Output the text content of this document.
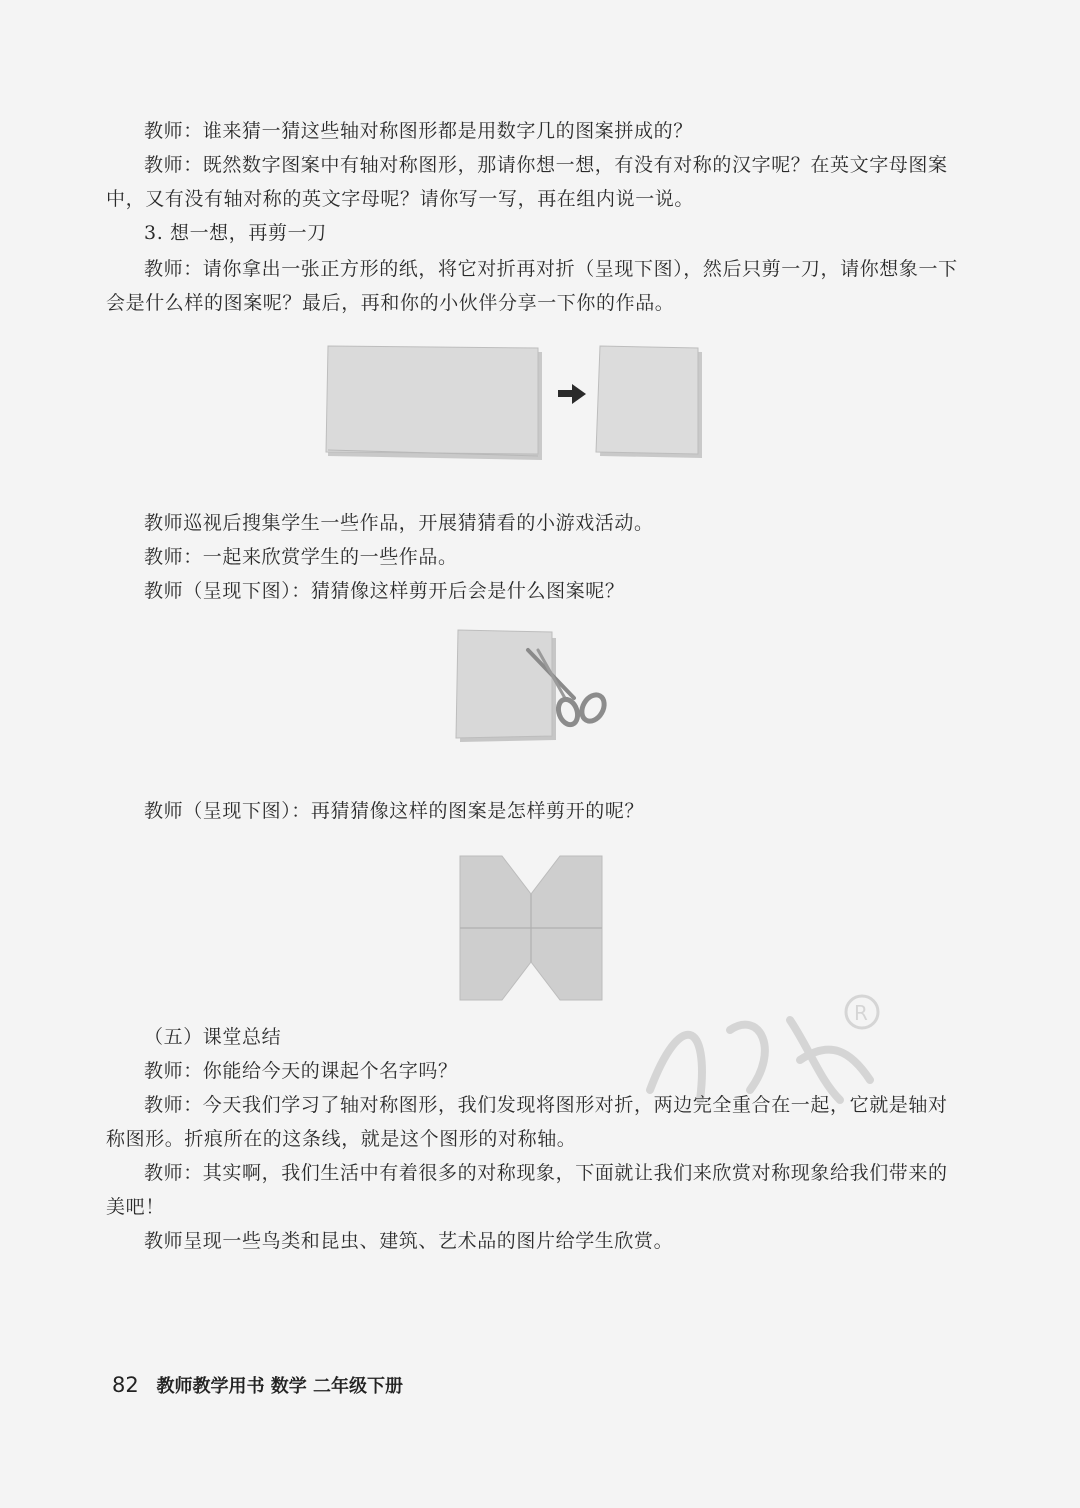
教师：谁来猜一猜这些轴对称图形都是用数字几的图案拼成的？

教师：既然数字图案中有轴对称图形，那请你想一想，有没有对称的汉字呢？在英文字母图案中，又有没有轴对称的英文字母呢？请你写一写，再在组内说一说。

3. 想一想，再剪一刀

教师：请你拿出一张正方形的纸，将它对折再对折（呈现下图），然后只剪一刀，请你想象一下会是什么样的图案呢？最后，再和你的小伙伴分享一下你的作品。

教师巡视后搜集学生一些作品，开展猜猜看的小游戏活动。

教师：一起来欣赏学生的一些作品。

教师（呈现下图）：猜猜像这样剪开后会是什么图案呢？

教师（呈现下图）：再猜猜像这样的图案是怎样剪开的呢？

R

（五）课堂总结

教师：你能给今天的课起个名字吗？

教师：今天我们学习了轴对称图形，我们发现将图形对折，两边完全重合在一起，它就是轴对称图形。折痕所在的这条线，就是这个图形的对称轴。

教师：其实啊，我们生活中有着很多的对称现象，下面就让我们来欣赏对称现象给我们带来的美吧！

教师呈现一些鸟类和昆虫、建筑、艺术品的图片给学生欣赏。

82 教师教学用书 数学 二年级下册
